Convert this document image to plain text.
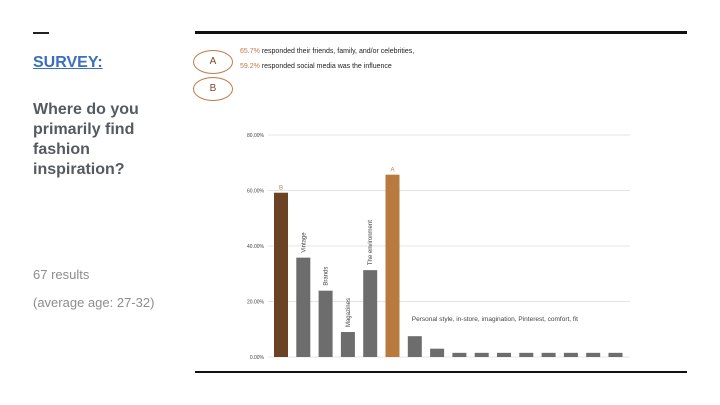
SURVEY:
Where do you primarily find fashion inspiration?
67 results
(average age: 27-32)
A
B
65.7% responded their friends, family, and/or celebrities,
59.2% responded social media was the influence
0.00%
20.00%
40.00%
60.00%
80.00%
B
Vintage
Brands
Magazines
The environment
A
Personal style, in-store, imagination, Pinterest, comfort, fit
